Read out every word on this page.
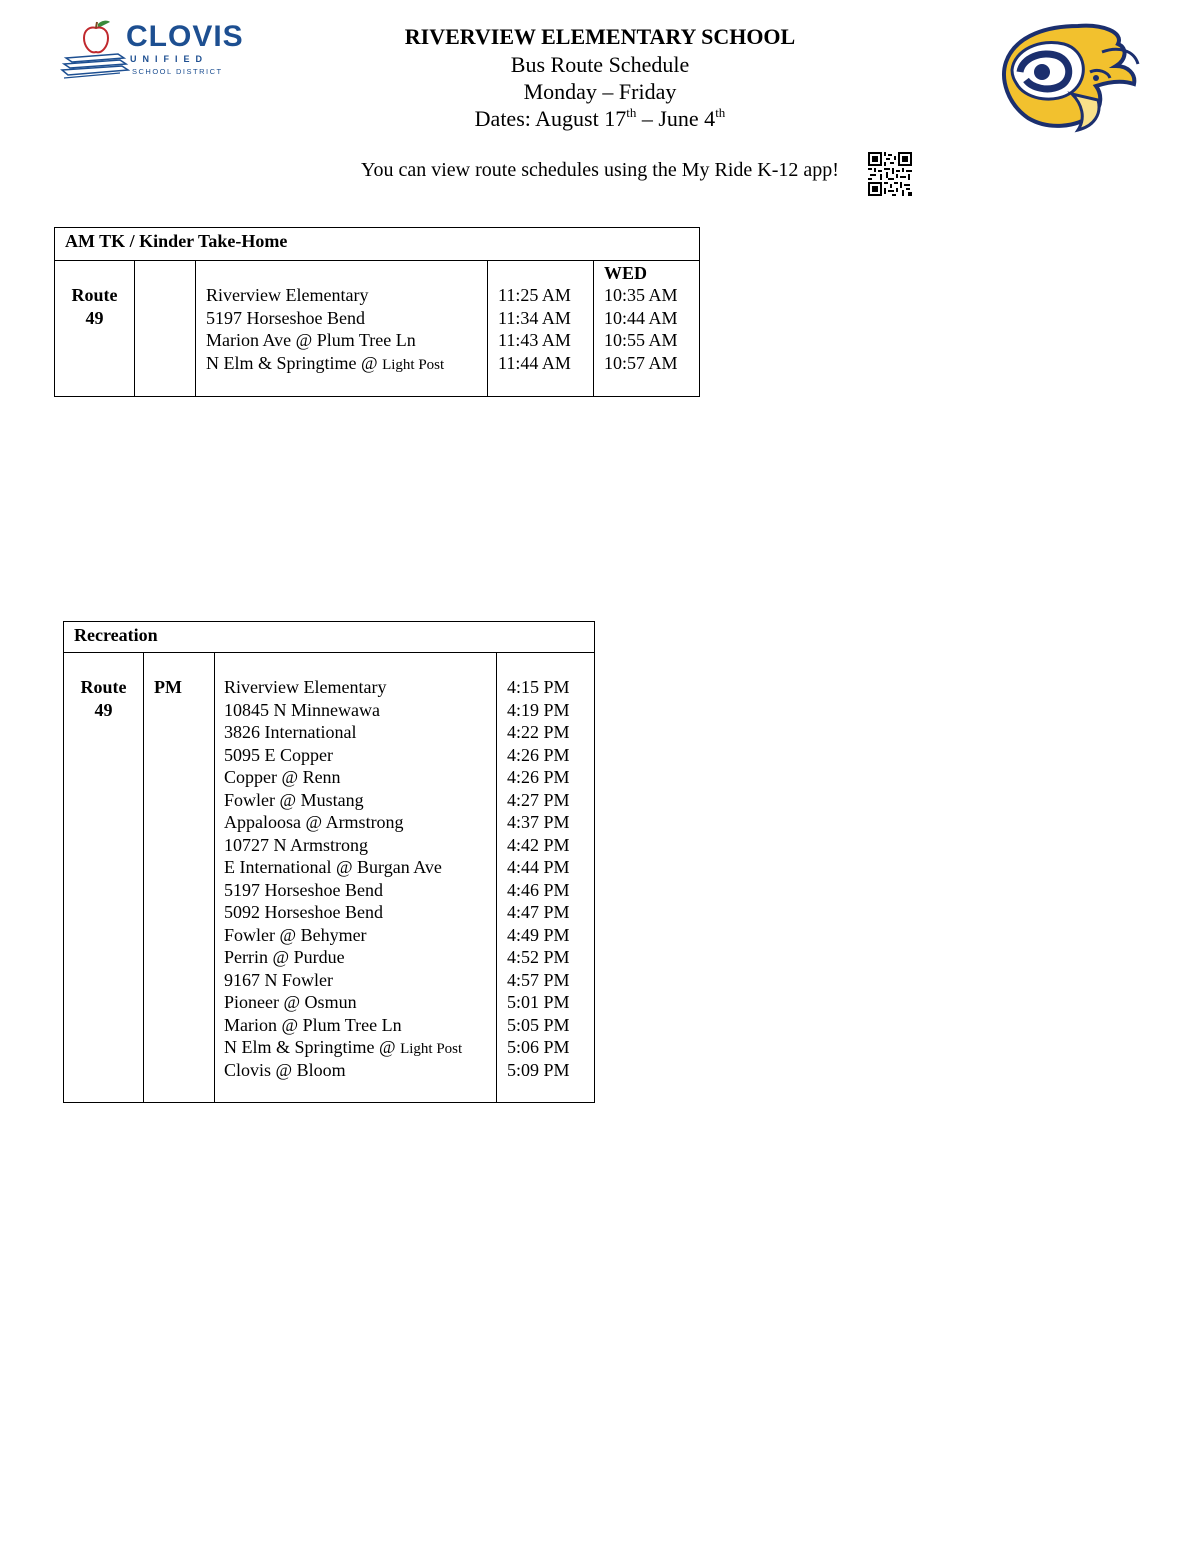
CLOVIS
UNIFIED
SCHOOL DISTRICT
RIVERVIEW ELEMENTARY SCHOOL
Bus Route Schedule
Monday – Friday
Dates: August 17th – June 4th
You can view route schedules using the My Ride K-12 app!
AM TK / Kinder Take-Home
Route
49
WED
Riverview Elementary	11:25 AM 10:35 AM
5197 Horseshoe Bend	11:34 AM 10:44 AM
Marion Ave @ Plum Tree Ln	11:43 AM 10:55 AM
N Elm & Springtime @ Light Post	11:44 AM 10:57 AM
Recreation
Route
49
PM Riverview Elementary	4:15 PM
10845 N Minnewawa	4:19 PM
3826 International	4:22 PM
5095 E Copper	4:26 PM
Copper @ Renn	4:26 PM
Fowler @ Mustang	4:27 PM
Appaloosa @ Armstrong	4:37 PM
10727 N Armstrong	4:42 PM
E International @ Burgan Ave	4:44 PM
5197 Horseshoe Bend	4:46 PM
5092 Horseshoe Bend	4:47 PM
Fowler @ Behymer	4:49 PM
Perrin @ Purdue	4:52 PM
9167 N Fowler	4:57 PM
Pioneer @ Osmun	5:01 PM
Marion @ Plum Tree Ln	5:05 PM
N Elm & Springtime @ Light Post 5:06 PM
Clovis @ Bloom	5:09 PM
